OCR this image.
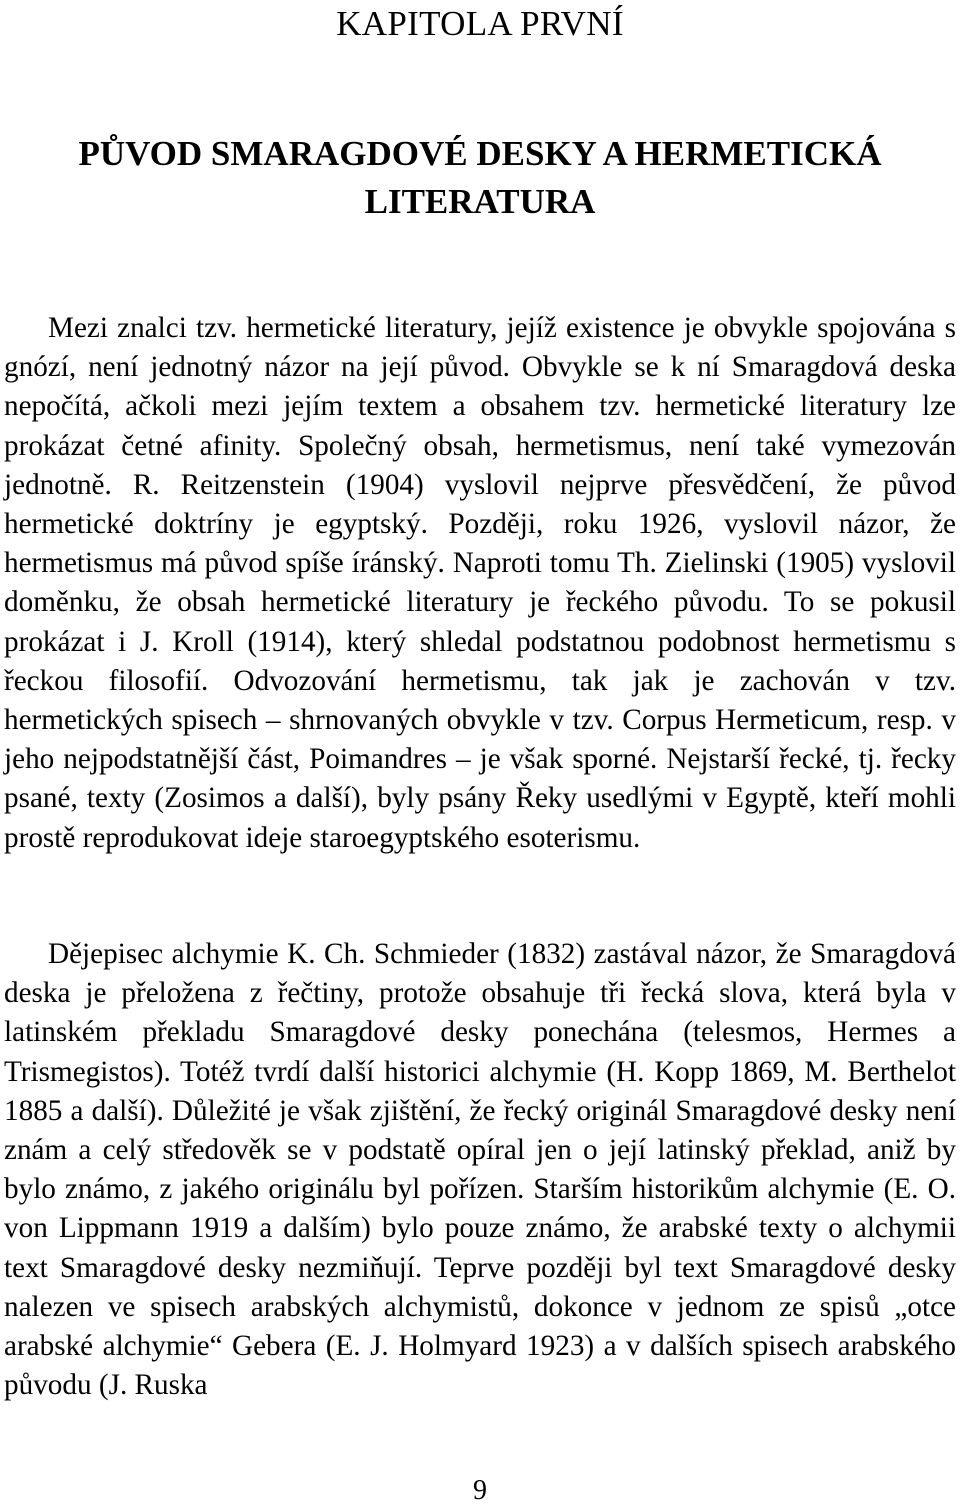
KAPITOLA PRVNÍ
PŮVOD SMARAGDOVÉ DESKY A HERMETICKÁ
LITERATURA

Mezi znalci tzv. hermetické literatury, jejíž existence je obvykle spojována s gnózí, není jednotný názor na její původ. Obvykle se k ní Smaragdová deska nepočítá, ačkoli mezi jejím textem a obsahem tzv. hermetické literatury lze prokázat četné afinity. Společný obsah, hermetismus, není také vymezován jednotně. R. Reitzenstein (1904) vyslovil nejprve přesvědčení, že původ hermetické doktríny je egyptský. Později, roku 1926, vyslovil názor, že hermetismus má původ spíše íránský. Naproti tomu Th. Zielinski (1905) vyslovil doměnku, že obsah hermetické literatury je řeckého původu. To se pokusil prokázat i J. Kroll (1914), který shledal podstatnou podobnost hermetismu s řeckou filosofií. Odvozování hermetismu, tak jak je zachován v tzv. hermetických spisech – shrnovaných obvykle v tzv. Corpus Hermeticum, resp. v jeho nejpodstatnější část, Poimandres – je však sporné. Nejstarší řecké, tj. řecky psané, texty (Zosimos a další), byly psány Řeky usedlými v Egyptě, kteří mohli prostě reprodukovat ideje staroegyptského esoterismu.

Dějepisec alchymie K. Ch. Schmieder (1832) zastával názor, že Smaragdová deska je přeložena z řečtiny, protože obsahuje tři řecká slova, která byla v latinském překladu Smaragdové desky ponechána (telesmos, Hermes a Trismegistos). Totéž tvrdí další historici alchymie (H. Kopp 1869, M. Berthelot 1885 a další). Důležité je však zjištění, že řecký originál Smaragdové desky není znám a celý středověk se v podstatě opíral jen o její latinský překlad, aniž by bylo známo, z jakého originálu byl pořízen. Starším historikům alchymie (E. O. von Lippmann 1919 a dalším) bylo pouze známo, že arabské texty o alchymii text Smaragdové desky nezmiňují. Teprve později byl text Smaragdové desky nalezen ve spisech arabských alchymistů, dokonce v jednom ze spisů „otce arabské alchymie“ Gebera (E. J. Holmyard 1923) a v dalších spisech arabského původu (J. Ruska

9
